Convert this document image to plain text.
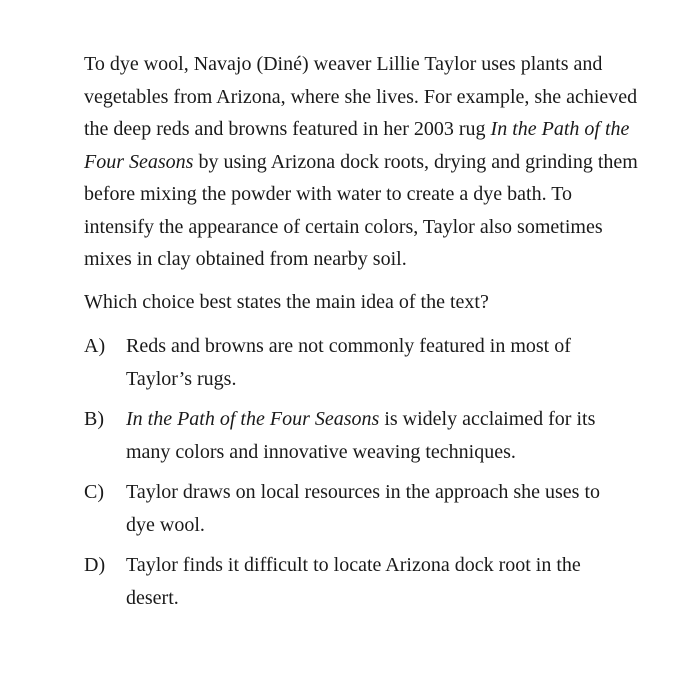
To dye wool, Navajo (Diné) weaver Lillie Taylor uses plants and vegetables from Arizona, where she lives. For example, she achieved the deep reds and browns featured in her 2003 rug In the Path of the Four Seasons by using Arizona dock roots, drying and grinding them before mixing the powder with water to create a dye bath. To intensify the appearance of certain colors, Taylor also sometimes mixes in clay obtained from nearby soil.

Which choice best states the main idea of the text?

A)	Reds and browns are not commonly featured in most of Taylor’s rugs.
B)	In the Path of the Four Seasons is widely acclaimed for its many colors and innovative weaving techniques.
C)	Taylor draws on local resources in the approach she uses to dye wool.
D)	Taylor finds it difficult to locate Arizona dock root in the desert.
